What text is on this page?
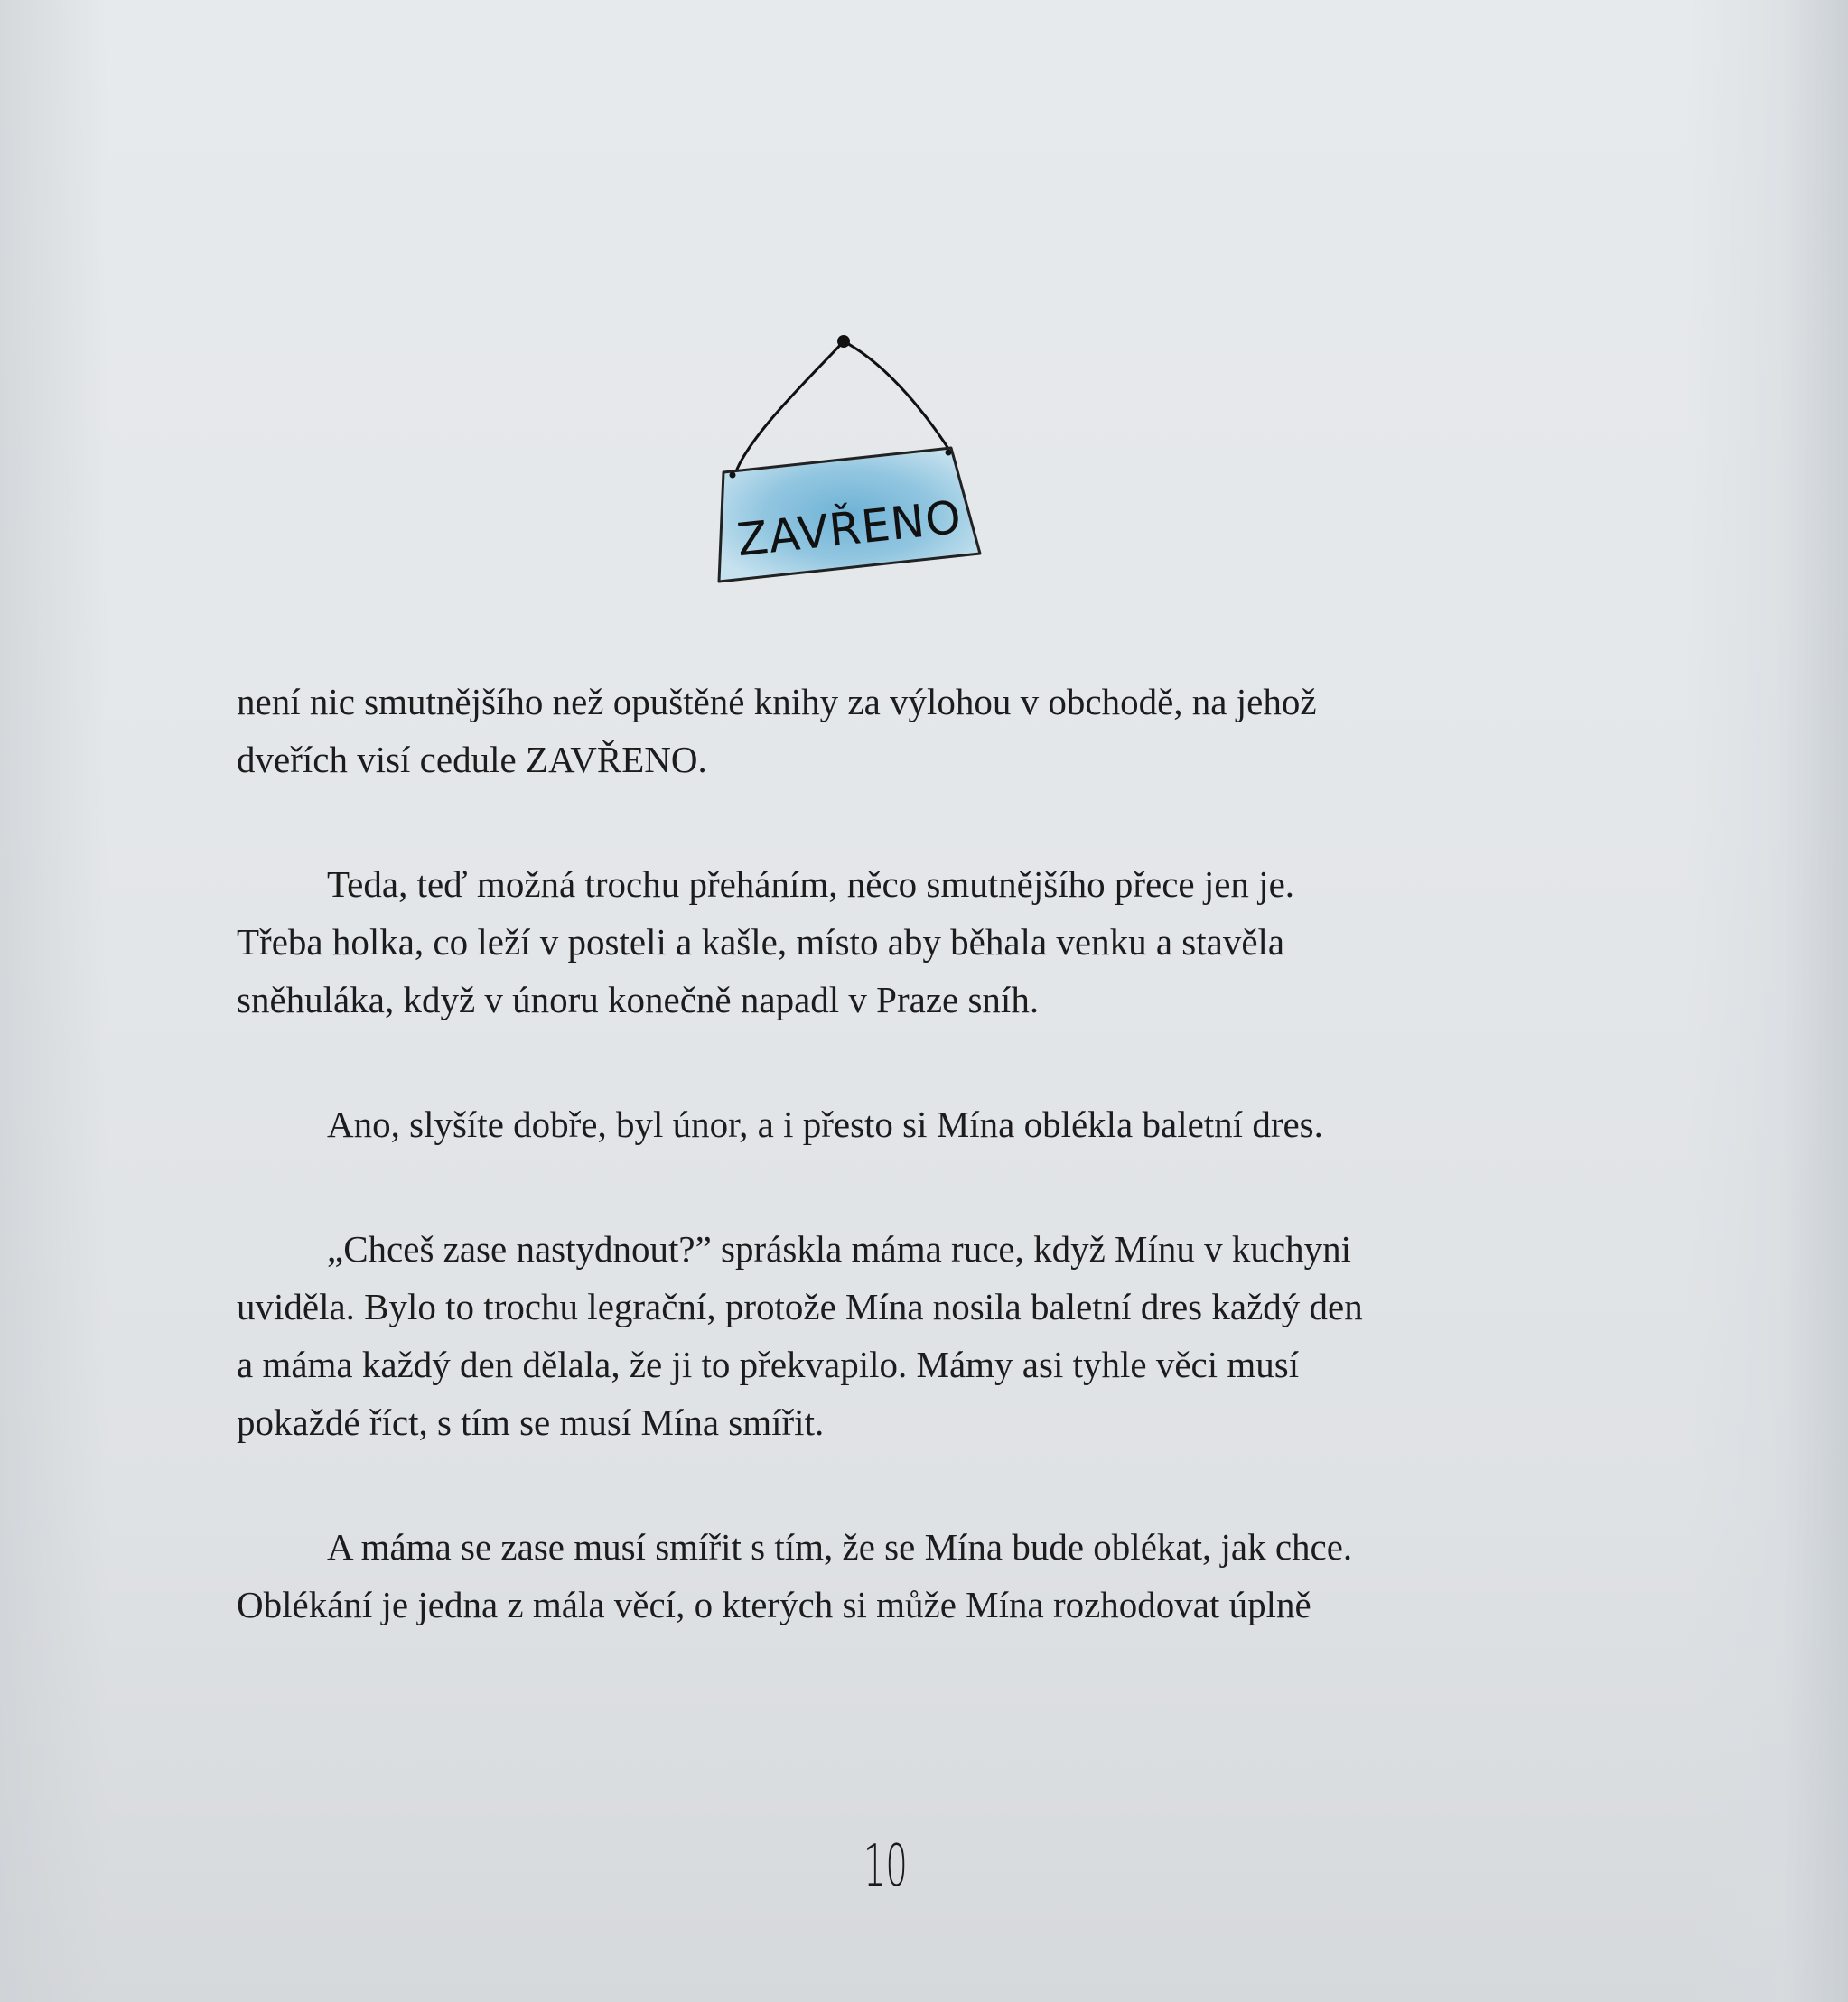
ZAVŘENO

není nic smutnějšího než opuštěné knihy za výlohou v obchodě, na jehož
dveřích visí cedule ZAVŘENO.

Teda, teď možná trochu přeháním, něco smutnějšího přece jen je.
Třeba holka, co leží v posteli a kašle, místo aby běhala venku a stavěla
sněhuláka, když v únoru konečně napadl v Praze sníh.

Ano, slyšíte dobře, byl únor, a i přesto si Mína oblékla baletní dres.

„Chceš zase nastydnout?” spráskla máma ruce, když Mínu v kuchyni
uviděla. Bylo to trochu legrační, protože Mína nosila baletní dres každý den
a máma každý den dělala, že ji to překvapilo. Mámy asi tyhle věci musí
pokaždé říct, s tím se musí Mína smířit.

A máma se zase musí smířit s tím, že se Mína bude oblékat, jak chce.
Oblékání je jedna z mála věcí, o kterých si může Mína rozhodovat úplně

10
